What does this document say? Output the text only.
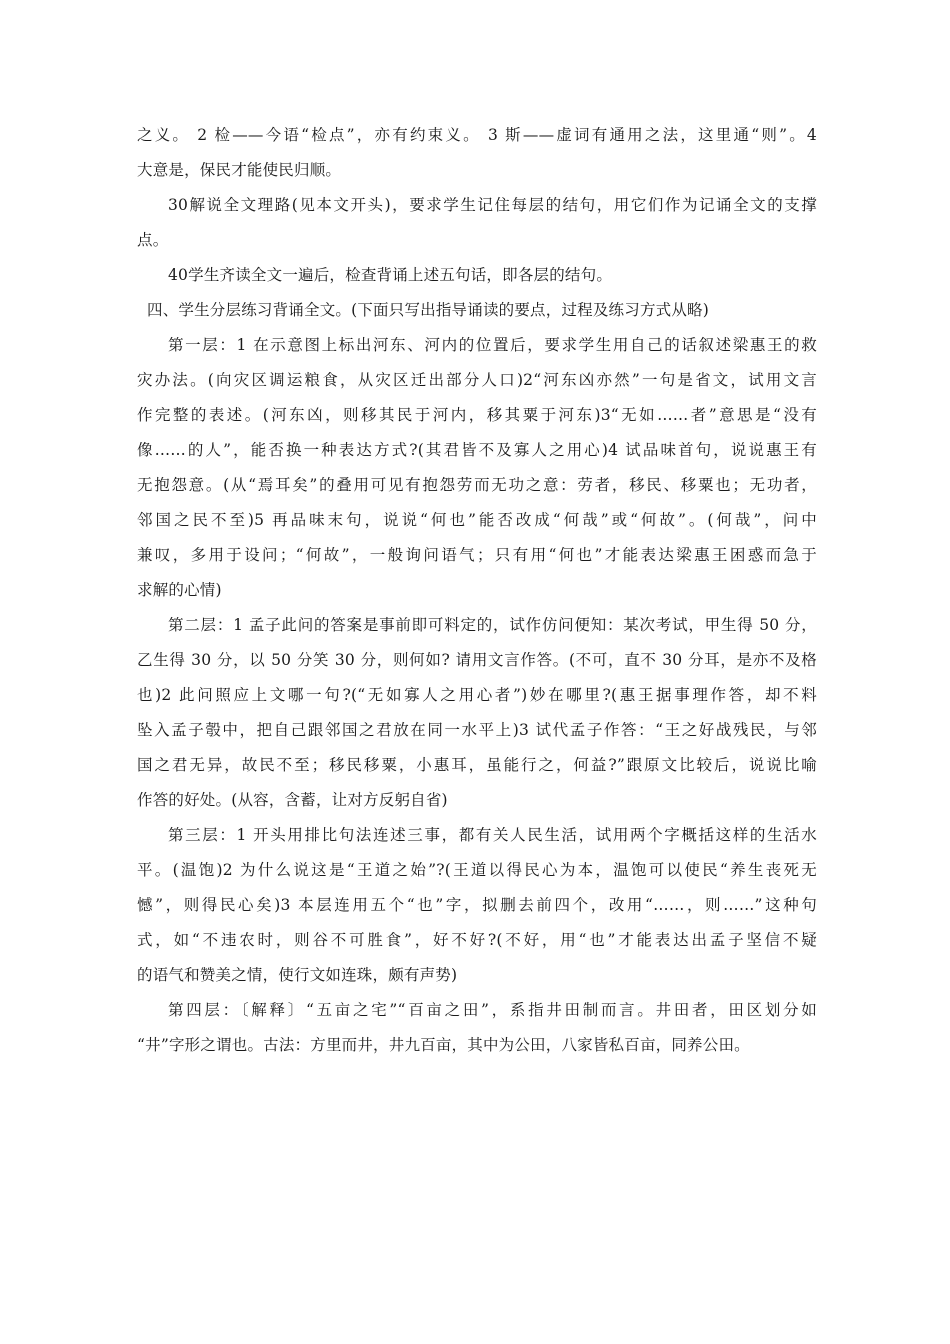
之义。 2 检——今语“检点”，亦有约束义。 3 斯——虚词有通用之法，这里通“则”。4
大意是，保民才能使民归顺。
30解说全文理路(见本文开头)，要求学生记住每层的结句，用它们作为记诵全文的支撑
点。
40学生齐读全文一遍后，检查背诵上述五句话，即各层的结句。
四、学生分层练习背诵全文。(下面只写出指导诵读的要点，过程及练习方式从略)
第一层：1 在示意图上标出河东、河内的位置后，要求学生用自己的话叙述梁惠王的救
灾办法。(向灾区调运粮食，从灾区迁出部分人口)2“河东凶亦然”一句是省文，试用文言
作完整的表述。(河东凶，则移其民于河内，移其粟于河东)3“无如……者”意思是“没有
像……的人”，能否换一种表达方式?(其君皆不及寡人之用心)4 试品味首句，说说惠王有
无抱怨意。(从“焉耳矣”的叠用可见有抱怨劳而无功之意：劳者，移民、移粟也；无功者，
邻国之民不至)5 再品味末句，说说“何也”能否改成“何哉”或“何故”。(何哉”，问中
兼叹，多用于设问；“何故”，一般询问语气；只有用“何也”才能表达梁惠王困惑而急于
求解的心情)
第二层：1 孟子此问的答案是事前即可料定的，试作仿问便知：某次考试，甲生得 50 分，
乙生得 30 分，以 50 分笑 30 分，则何如? 请用文言作答。(不可，直不 30 分耳，是亦不及格
也)2 此问照应上文哪一句?(“无如寡人之用心者”)妙在哪里?(惠王据事理作答，却不料
坠入孟子彀中，把自己跟邻国之君放在同一水平上)3 试代孟子作答：“王之好战残民，与邻
国之君无异，故民不至；移民移粟，小惠耳，虽能行之，何益?”跟原文比较后，说说比喻
作答的好处。(从容，含蓄，让对方反躬自省)
第三层：1 开头用排比句法连述三事，都有关人民生活，试用两个字概括这样的生活水
平。(温饱)2 为什么说这是“王道之始”?(王道以得民心为本，温饱可以使民“养生丧死无
憾”，则得民心矣)3 本层连用五个“也”字，拟删去前四个，改用“……，则……”这种句
式，如“不违农时，则谷不可胜食”，好不好?(不好，用“也”才能表达出孟子坚信不疑
的语气和赞美之情，使行文如连珠，颇有声势)
第四层：〔解释〕“五亩之宅”“百亩之田”，系指井田制而言。井田者，田区划分如
“井”字形之谓也。古法：方里而井，井九百亩，其中为公田，八家皆私百亩，同养公田。
